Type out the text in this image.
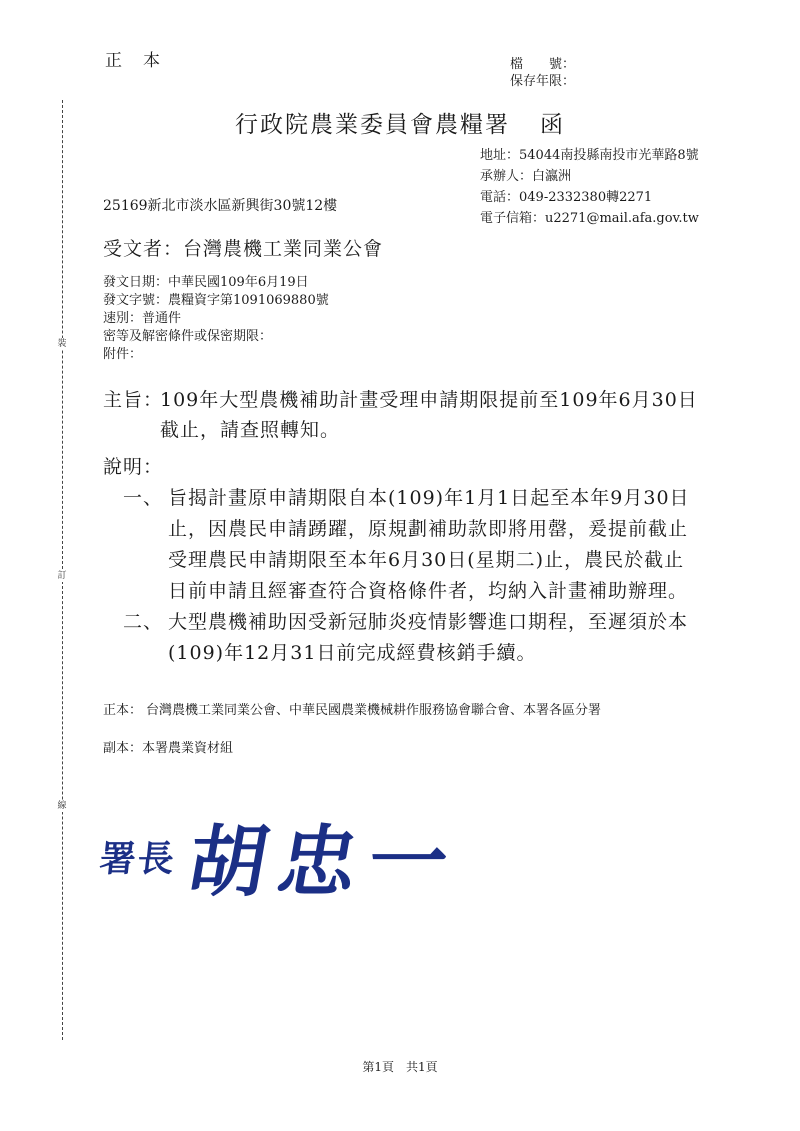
裝
訂
線
正　本	檔　　號：
保存年限：
行政院農業委員會農糧署 函
地址：54044南投縣南投市光華路8號
承辦人：白瀛洲
電話：049-2332380轉2271
電子信箱：u2271@mail.afa.gov.tw
25169新北市淡水區新興街30號12樓
受文者：台灣農機工業同業公會
發文日期：中華民國109年6月19日
發文字號：農糧資字第1091069880號
速別：普通件
密等及解密條件或保密期限：
附件：
主旨：
109年大型農機補助計畫受理申請期限提前至109年6月30日截止，請查照轉知。
說明：
一、 旨揭計畫原申請期限自本(109)年1月1日起至本年9月30日止，因農民申請踴躍，原規劃補助款即將用罄，爰提前截止受理農民申請期限至本年6月30日(星期二)止，農民於截止日前申請且經審查符合資格條件者，均納入計畫補助辦理。
二、 大型農機補助因受新冠肺炎疫情影響進口期程，至遲須於本(109)年12月31日前完成經費核銷手續。
正本： 台灣農機工業同業公會、中華民國農業機械耕作服務協會聯合會、本署各區分署
副本：本署農業資材組
署長胡忠一
第1頁　共1頁
